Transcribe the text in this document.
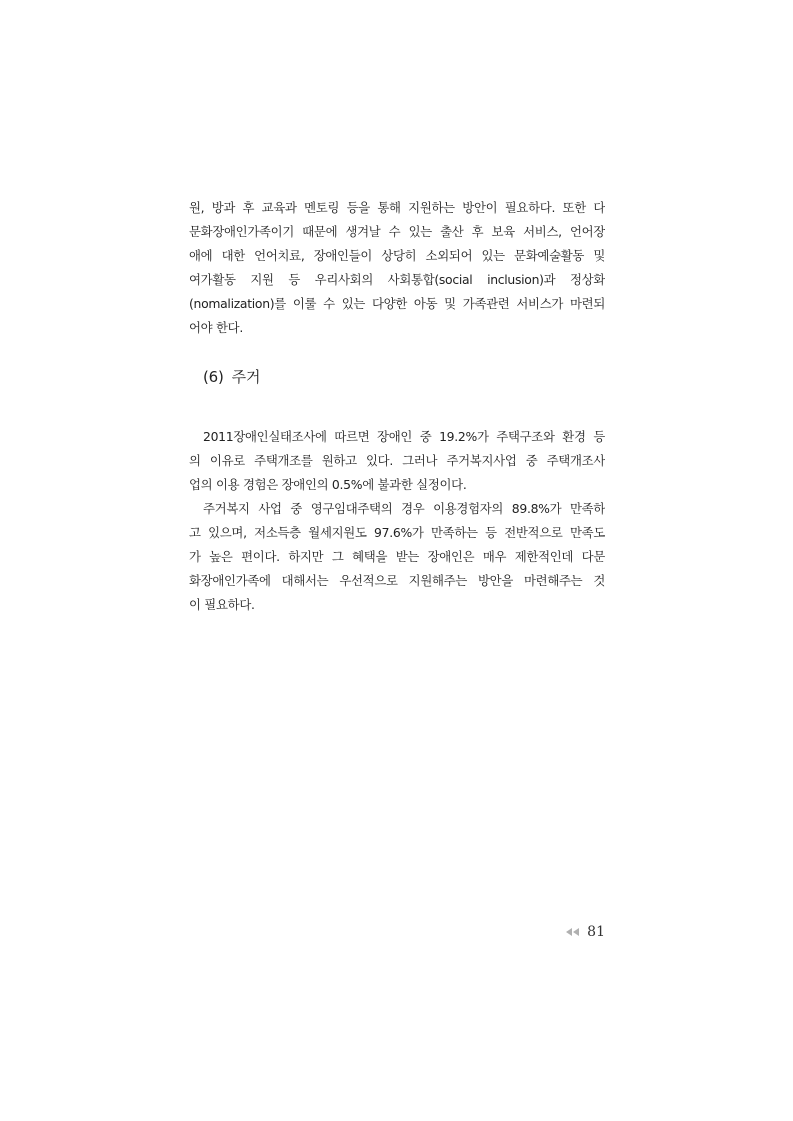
원, 방과 후 교육과 멘토링 등을 통해 지원하는 방안이 필요하다. 또한 다
문화장애인가족이기 때문에 생겨날 수 있는 출산 후 보육 서비스, 언어장
애에 대한 언어치료, 장애인들이 상당히 소외되어 있는 문화예술활동 및
여가활동 지원 등 우리사회의 사회통합(social inclusion)과 정상화
(nomalization)를 이룰 수 있는 다양한 아동 및 가족관련 서비스가 마련되
어야 한다.
(6) 주거
2011장애인실태조사에 따르면 장애인 중 19.2%가 주택구조와 환경 등
의 이유로 주택개조를 원하고 있다. 그러나 주거복지사업 중 주택개조사
업의 이용 경험은 장애인의 0.5%에 불과한 실정이다.
주거복지 사업 중 영구임대주택의 경우 이용경험자의 89.8%가 만족하
고 있으며, 저소득층 월세지원도 97.6%가 만족하는 등 전반적으로 만족도
가 높은 편이다. 하지만 그 혜택을 받는 장애인은 매우 제한적인데 다문
화장애인가족에 대해서는 우선적으로 지원해주는 방안을 마련해주는 것
이 필요하다.
81
